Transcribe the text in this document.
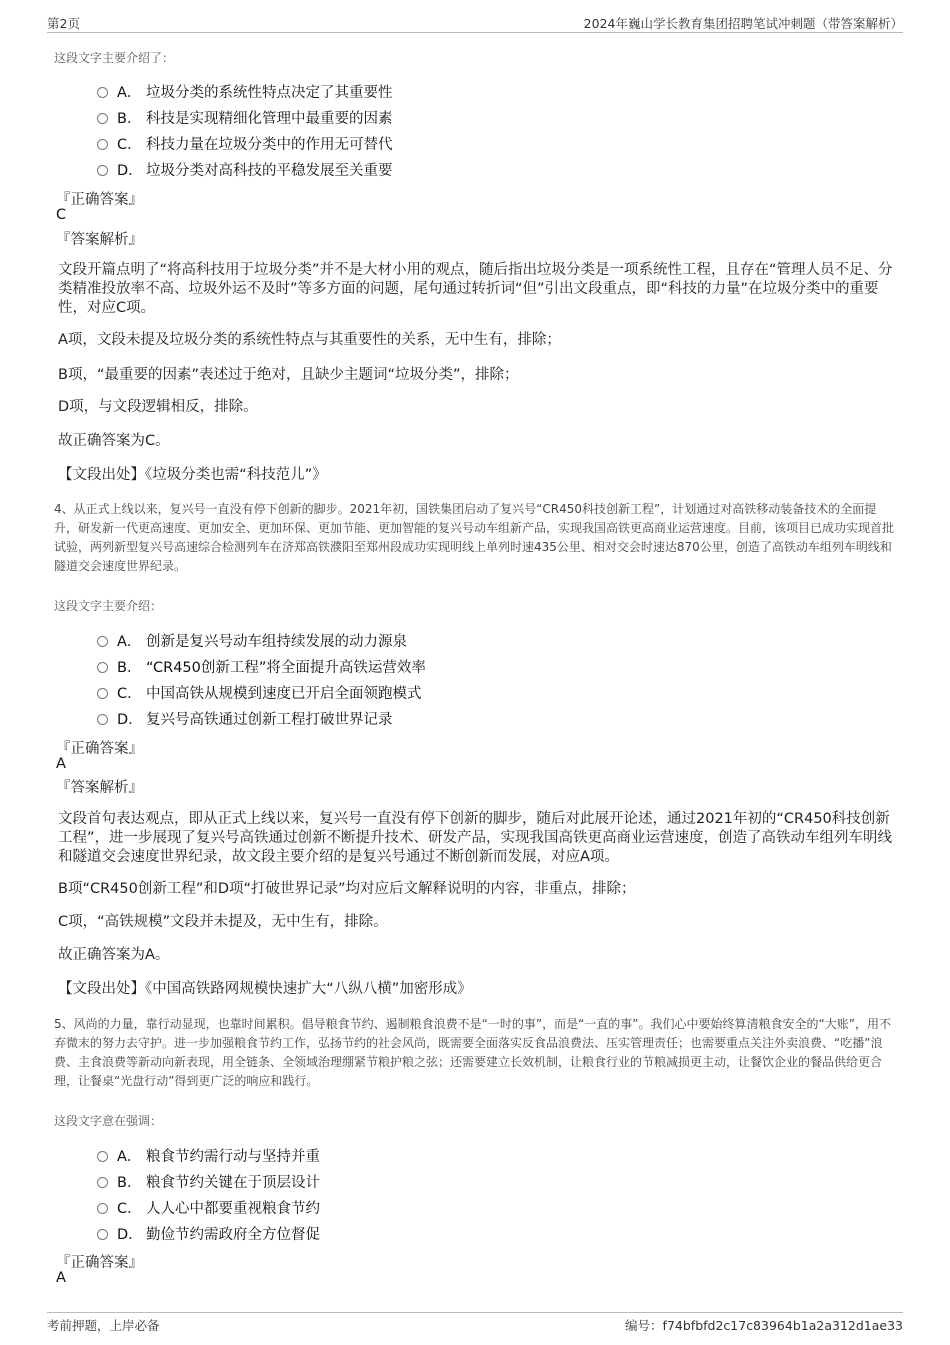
第2页	2024年巍山学长教育集团招聘笔试冲刺题（带答案解析）
这段文字主要介绍了：
A． 垃圾分类的系统性特点决定了其重要性
B． 科技是实现精细化管理中最重要的因素
C． 科技力量在垃圾分类中的作用无可替代
D． 垃圾分类对高科技的平稳发展至关重要
『正确答案』
C
『答案解析』
文段开篇点明了“将高科技用于垃圾分类”并不是大材小用的观点，随后指出垃圾分类是一项系统性工程，且存在“管理人员不足、分类精准投放率不高、垃圾外运不及时”等多方面的问题，尾句通过转折词“但”引出文段重点，即“科技的力量”在垃圾分类中的重要性，对应C项。
A项，文段未提及垃圾分类的系统性特点与其重要性的关系，无中生有，排除；
B项，“最重要的因素”表述过于绝对，且缺少主题词“垃圾分类”，排除；
D项，与文段逻辑相反，排除。
故正确答案为C。
【文段出处】《垃圾分类也需“科技范儿”》
4、从正式上线以来，复兴号一直没有停下创新的脚步。2021年初，国铁集团启动了复兴号“CR450科技创新工程”，计划通过对高铁移动装备技术的全面提升，研发新一代更高速度、更加安全、更加环保、更加节能、更加智能的复兴号动车组新产品，实现我国高铁更高商业运营速度。目前，该项目已成功实现首批试验，两列新型复兴号高速综合检测列车在济郑高铁濮阳至郑州段成功实现明线上单列时速435公里、相对交会时速达870公里，创造了高铁动车组列车明线和隧道交会速度世界纪录。
这段文字主要介绍：
A． 创新是复兴号动车组持续发展的动力源泉
B． “CR450创新工程”将全面提升高铁运营效率
C． 中国高铁从规模到速度已开启全面领跑模式
D． 复兴号高铁通过创新工程打破世界记录
『正确答案』
A
『答案解析』
文段首句表达观点，即从正式上线以来，复兴号一直没有停下创新的脚步，随后对此展开论述，通过2021年初的“CR450科技创新工程”，进一步展现了复兴号高铁通过创新不断提升技术、研发产品，实现我国高铁更高商业运营速度，创造了高铁动车组列车明线和隧道交会速度世界纪录，故文段主要介绍的是复兴号通过不断创新而发展，对应A项。
B项“CR450创新工程”和D项“打破世界记录”均对应后文解释说明的内容，非重点，排除；
C项，“高铁规模”文段并未提及，无中生有，排除。
故正确答案为A。
【文段出处】《中国高铁路网规模快速扩大“八纵八横”加密形成》
5、风尚的力量，靠行动显现，也靠时间累积。倡导粮食节约、遏制粮食浪费不是“一时的事”，而是“一直的事”。我们心中要始终算清粮食安全的“大账”，用不弃微末的努力去守护。进一步加强粮食节约工作，弘扬节约的社会风尚，既需要全面落实反食品浪费法、压实管理责任；也需要重点关注外卖浪费、“吃播”浪费、主食浪费等新动向新表现，用全链条、全领域治理绷紧节粮护粮之弦；还需要建立长效机制，让粮食行业的节粮减损更主动，让餐饮企业的餐品供给更合理，让餐桌“光盘行动”得到更广泛的响应和践行。
这段文字意在强调：
A． 粮食节约需行动与坚持并重
B． 粮食节约关键在于顶层设计
C． 人人心中都要重视粮食节约
D． 勤俭节约需政府全方位督促
『正确答案』
A
考前押题，上岸必备	编号：f74bfbfd2c17c83964b1a2a312d1ae33
